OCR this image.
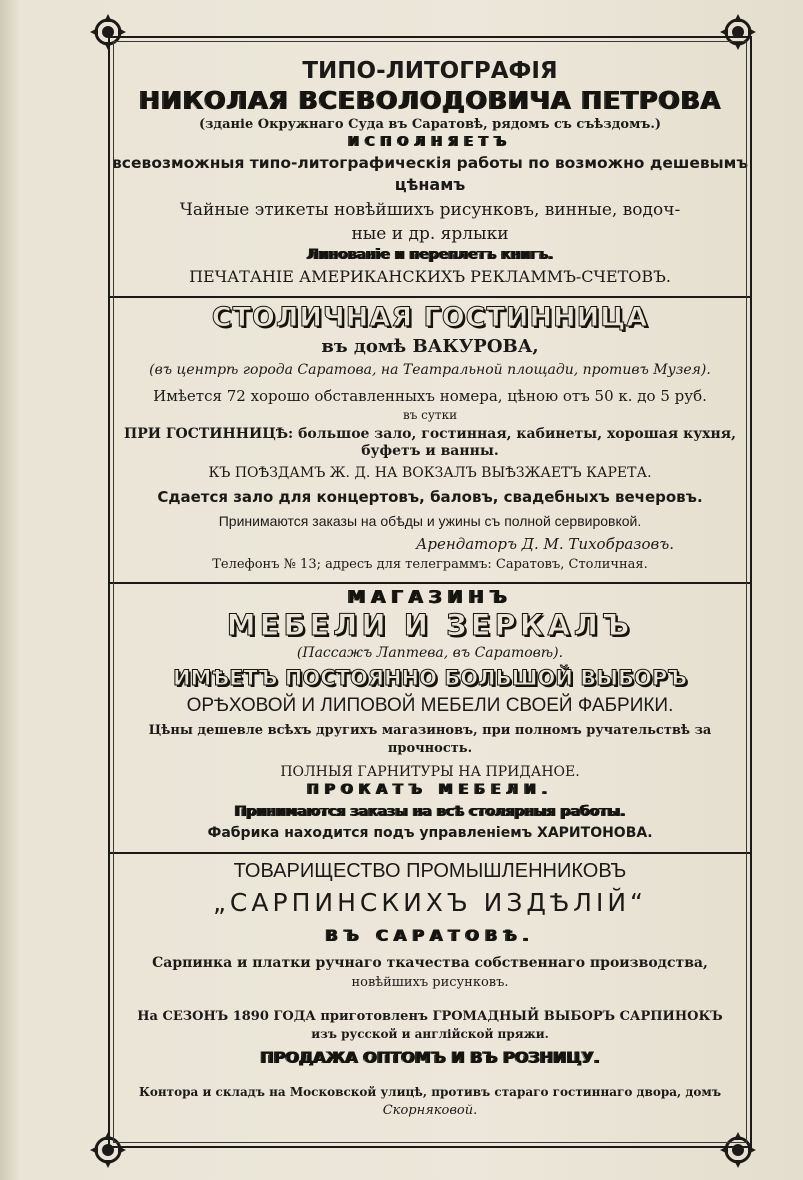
ТИПО-ЛИТОГРАФІЯ
НИКОЛАЯ ВСЕВОЛОДОВИЧА ПЕТРОВА
(зданіе Окружнаго Суда въ Саратовѣ, рядомъ съ съѣздомъ.)
ИСПОЛНЯЕТЪ
всевозможныя типо-литографическія работы по возможно дешевымъ
цѣнамъ
Чайные этикеты новѣйшихъ рисунковъ, винные, водоч-
ные и др. ярлыки
Линованіе и переплетъ книгъ.
ПЕЧАТАНІЕ АМЕРИКАНСКИХЪ РЕКЛАММЪ-СЧЕТОВЪ.
СТОЛИЧНАЯ ГОСТИННИЦА
въ домѣ ВАКУРОВА,
(въ центрѣ города Саратова, на Театральной площади, противъ Музея).
Имѣется 72 хорошо обставленныхъ номера, цѣною отъ 50 к. до 5 руб.
въ сутки
ПРИ ГОСТИННИЦѢ: большое зало, гостинная, кабинеты, хорошая кухня,
буфетъ и ванны.
КЪ ПОѢЗДАМЪ Ж. Д. НА ВОКЗАЛЪ ВЫѢЗЖАЕТЪ КАРЕТА.
Сдается зало для концертовъ, баловъ, свадебныхъ вечеровъ.
Принимаются заказы на обѣды и ужины съ полной сервировкой.
Арендаторъ Д. М. Тихобразовъ.
Телефонъ № 13; адресъ для телеграммъ: Саратовъ, Столичная.
МАГАЗИНЪ
МЕБЕЛИ И ЗЕРКАЛЪ
(Пассажъ Лаптева, въ Саратовѣ).
ИМѢЕТЪ ПОСТОЯННО БОЛЬШОЙ ВЫБОРЪ
ОРѢХОВОЙ И ЛИПОВОЙ МЕБЕЛИ СВОЕЙ ФАБРИКИ.
Цѣны дешевле всѣхъ другихъ магазиновъ, при полномъ ручательствѣ за
прочность.
ПОЛНЫЯ ГАРНИТУРЫ НА ПРИДАНОЕ.
ПРОКАТЪ МЕБЕЛИ.
Принимаются заказы на всѣ столярныя работы.
Фабрика находится подъ управленіемъ ХАРИТОНОВА.
ТОВАРИЩЕСТВО ПРОМЫШЛЕННИКОВЪ
„САРПИНСКИХЪ ИЗДѢЛІЙ“
ВЪ САРАТОВѢ.
Сарпинка и платки ручнаго ткачества собственнаго производства,
новѣйшихъ рисунковъ.
На СЕЗОНЪ 1890 ГОДА приготовленъ ГРОМАДНЫЙ ВЫБОРЪ САРПИНОКЪ
изъ русской и англійской пряжи.
ПРОДАЖА ОПТОМЪ И ВЪ РОЗНИЦУ.
Контора и складъ на Московской улицѣ, противъ стараго гостиннаго двора, домъ
Скорняковой.
